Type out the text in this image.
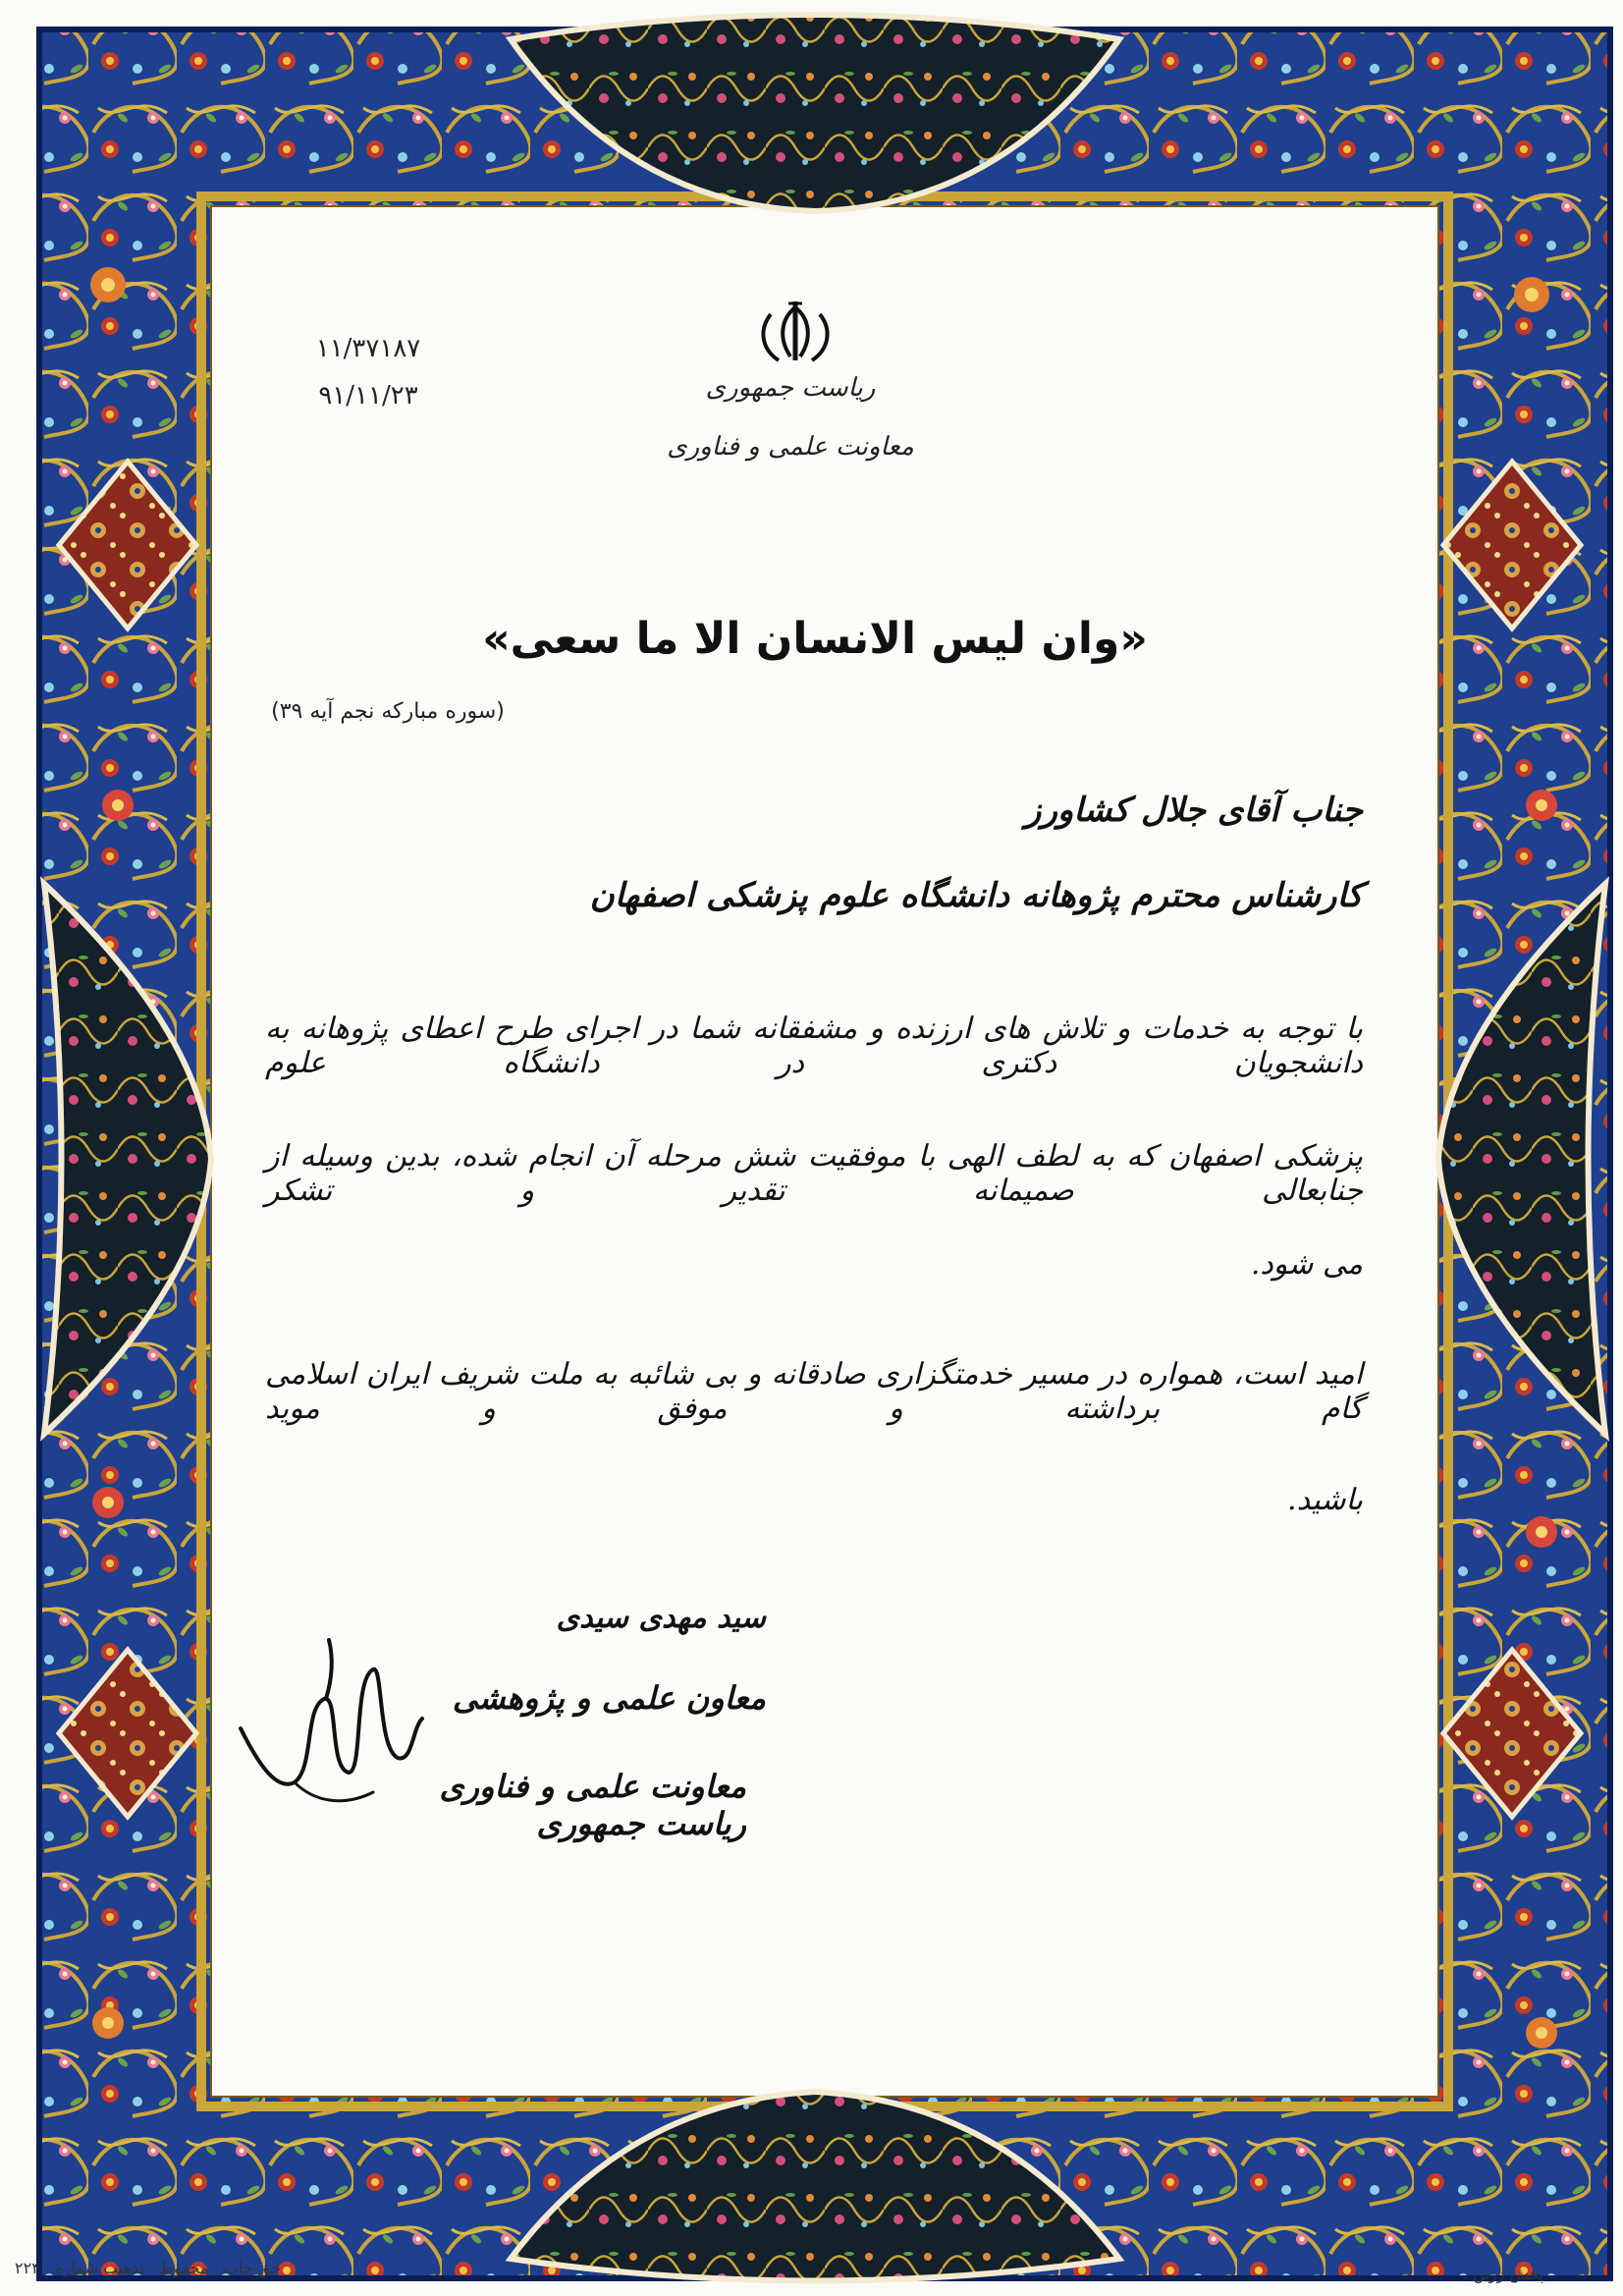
ریاست جمهوری
معاونت علمی و فناوری
۱۱/۳۷۱۸۷
۹۱/۱۱/۲۳
«وان لیس الانسان الا ما سعی»
(سوره مبارکه نجم آیه ۳۹)
جناب آقای جلال کشاورز
کارشناس محترم پژوهانه دانشگاه علوم پزشکی اصفهان
با توجه به خدمات و تلاش های ارزنده و مشفقانه شما در اجرای طرح اعطای پژوهانه به دانشجویان دکتری در دانشگاه علوم
پزشکی اصفهان که به لطف الهی با موفقیت شش مرحله آن انجام شده، بدین وسیله از جنابعالی صمیمانه تقدیر و تشکر
می شود.
امید است، همواره در مسیر خدمتگزاری صادقانه و بی شائبه به ملت شریف ایران اسلامی گام برداشته و موفق و موید
باشید.
سید مهدی سیدی
معاون علمی و پژوهشی
معاونت علمی و فناوری ریاست جمهوری
حق چاپ ، محفوظ ، تذهیب شماره : ۲۲۴	پخش زرین .
